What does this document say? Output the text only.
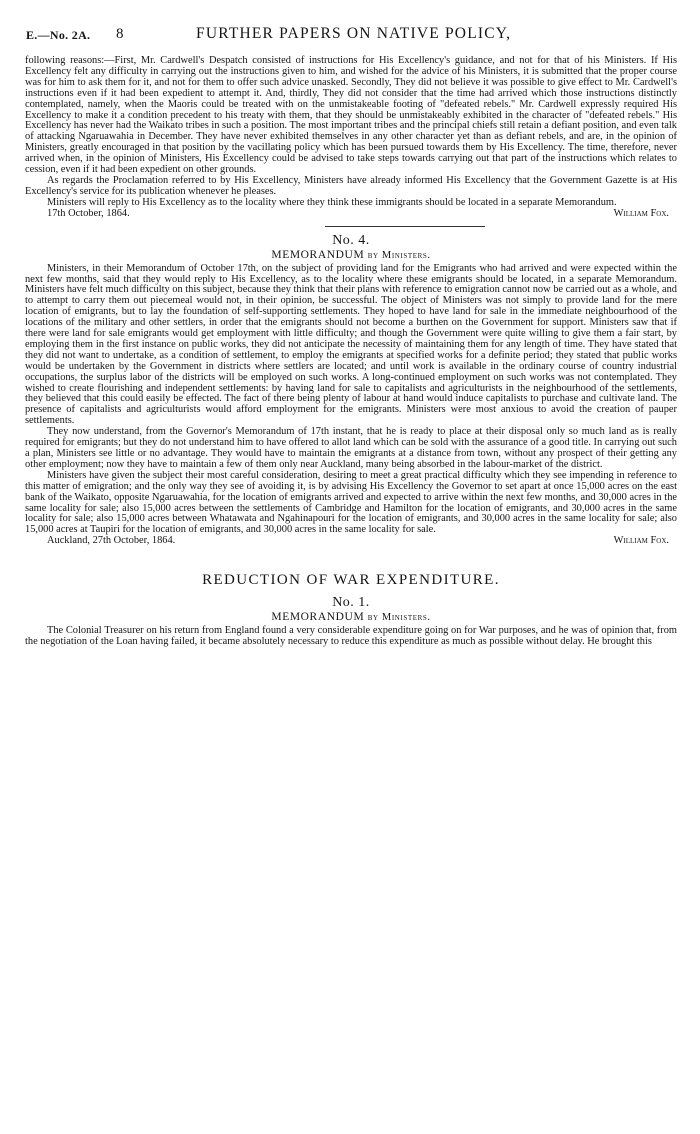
E.—No. 2A. 8	FURTHER PAPERS ON NATIVE POLICY,

following reasons:—First, Mr. Cardwell's Despatch consisted of instructions for His Excellency's guidance, and not for that of his Ministers. If His Excellency felt any difficulty in carrying out the instructions given to him, and wished for the advice of his Ministers, it is submitted that the proper course was for him to ask them for it, and not for them to offer such advice unasked. Secondly, They did not believe it was possible to give effect to Mr. Cardwell's instructions even if it had been expedient to attempt it. And, thirdly, They did not consider that the time had arrived which those instructions distinctly contemplated, namely, when the Maoris could be treated with on the unmistakeable footing of "defeated rebels." Mr. Cardwell expressly required His Excellency to make it a condition precedent to his treaty with them, that they should be unmistakeably exhibited in the character of "defeated rebels." His Excellency has never had the Waikato tribes in such a position. The most important tribes and the principal chiefs still retain a defiant position, and even talk of attacking Ngaruawahia in December. They have never exhibited themselves in any other character yet than as defiant rebels, and are, in the opinion of Ministers, greatly encouraged in that position by the vacillating policy which has been pursued towards them by His Excellency. The time, therefore, never arrived when, in the opinion of Ministers, His Excellency could be advised to take steps towards carrying out that part of the instructions which relates to cession, even if it had been expedient on other grounds.

As regards the Proclamation referred to by His Excellency, Ministers have already informed His Excellency that the Government Gazette is at His Excellency's service for its publication whenever he pleases.

Ministers will reply to His Excellency as to the locality where they think these immigrants should be located in a separate Memorandum.

17th October, 1864.	William Fox.
No. 4.
MEMORANDUM by Ministers.

Ministers, in their Memorandum of October 17th, on the subject of providing land for the Emigrants who had arrived and were expected within the next few months, said that they would reply to His Excellency, as to the locality where these emigrants should be located, in a separate Memorandum. Ministers have felt much difficulty on this subject, because they think that their plans with reference to emigration cannot now be carried out as a whole, and to attempt to carry them out piecemeal would not, in their opinion, be successful. The object of Ministers was not simply to provide land for the mere location of emigrants, but to lay the foundation of self-supporting settlements. They hoped to have land for sale in the immediate neighbourhood of the locations of the military and other settlers, in order that the emigrants should not become a burthen on the Government for support. Ministers saw that if there were land for sale emigrants would get employment with little difficulty; and though the Government were quite willing to give them a fair start, by employing them in the first instance on public works, they did not anticipate the necessity of maintaining them for any length of time. They have stated that they did not want to undertake, as a condition of settlement, to employ the emigrants at specified works for a definite period; they stated that public works would be undertaken by the Government in districts where settlers are located; and until work is available in the ordinary course of country industrial occupations, the surplus labor of the districts will be employed on such works. A long-continued employment on such works was not contemplated. They wished to create flourishing and independent settlements: by having land for sale to capitalists and agriculturists in the neighbourhood of the settlements, they believed that this could easily be effected. The fact of there being plenty of labour at hand would induce capitalists to purchase and cultivate land. The presence of capitalists and agriculturists would afford employment for the emigrants. Ministers were most anxious to avoid the creation of pauper settlements.

They now understand, from the Governor's Memorandum of 17th instant, that he is ready to place at their disposal only so much land as is really required for emigrants; but they do not understand him to have offered to allot land which can be sold with the assurance of a good title. In carrying out such a plan, Ministers see little or no advantage. They would have to maintain the emigrants at a distance from town, without any prospect of their getting any other employment; now they have to maintain a few of them only near Auckland, many being absorbed in the labour-market of the district.

Ministers have given the subject their most careful consideration, desiring to meet a great practical difficulty which they see impending in reference to this matter of emigration; and the only way they see of avoiding it, is by advising His Excellency the Governor to set apart at once 15,000 acres on the east bank of the Waikato, opposite Ngaruawahia, for the location of emigrants arrived and expected to arrive within the next few months, and 30,000 acres in the same locality for sale; also 15,000 acres between the settlements of Cambridge and Hamilton for the location of emigrants, and 30,000 acres in the same locality for sale; also 15,000 acres between Whatawata and Ngahinapouri for the location of emigrants, and 30,000 acres in the same locality for sale; also 15,000 acres at Taupiri for the location of emigrants, and 30,000 acres in the same locality for sale.

Auckland, 27th October, 1864.	William Fox.
REDUCTION OF WAR EXPENDITURE.
No. 1.
MEMORANDUM by Ministers.

The Colonial Treasurer on his return from England found a very considerable expenditure going on for War purposes, and he was of opinion that, from the negotiation of the Loan having failed, it became absolutely necessary to reduce this expenditure as much as possible without delay. He brought this
